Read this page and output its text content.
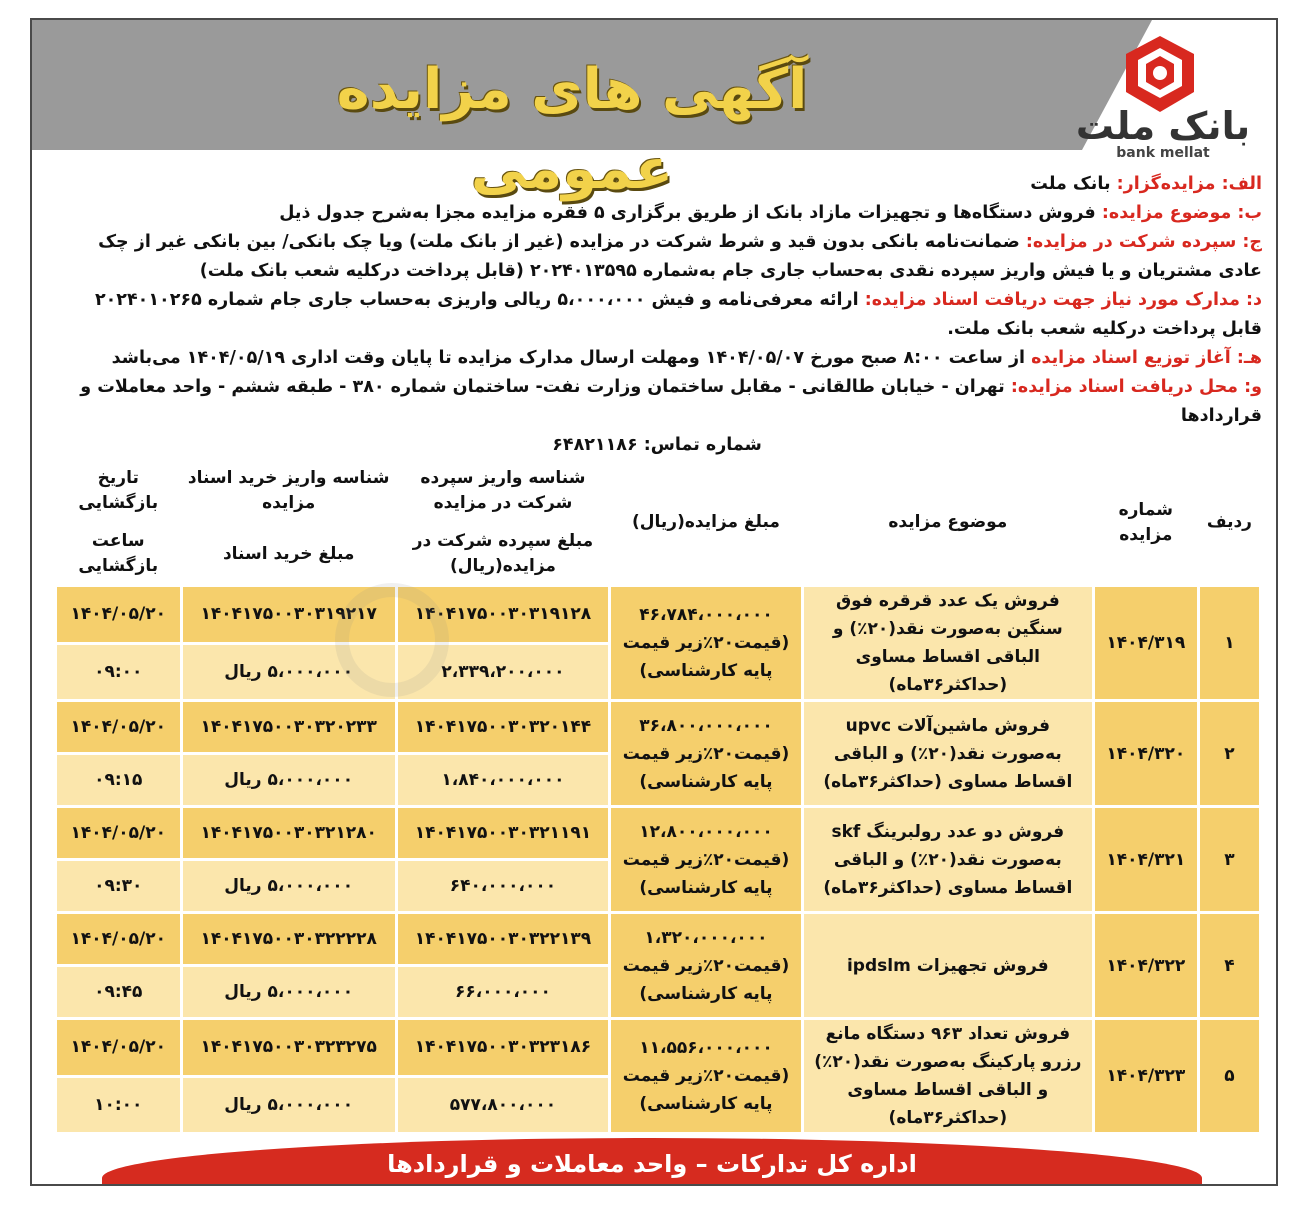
آگهی های مزایده عمومی
بانک ملت
bank mellat

الف: مزایده‌گزار: بانک ملت

ب: موضوع مزایده: فروش دستگاه‌ها و تجهیزات مازاد بانک از طریق برگزاری ۵ فقره مزایده مجزا به‌شرح جدول ذیل

ج: سپرده شرکت در مزایده: ضمانت‌نامه بانکی بدون قید و شرط شرکت در مزایده (غیر از بانک ملت) ویا چک بانکی/ بین بانکی غیر از چک عادی مشتریان و یا فیش واریز سپرده نقدی به‌حساب جاری جام به‌شماره ۲۰۲۴۰۱۳۵۹۵ (قابل پرداخت درکلیه شعب بانک ملت)

د: مدارک مورد نیاز جهت دریافت اسناد مزایده: ارائه معرفی‌نامه و فیش ۵،۰۰۰،۰۰۰ ریالی واریزی به‌حساب جاری جام شماره ۲۰۲۴۰۱۰۲۶۵ قابل پرداخت درکلیه شعب بانک ملت.

هـ: آغاز توزیع اسناد مزایده از ساعت ۸:۰۰ صبح مورخ ۱۴۰۴/۰۵/۰۷ ومهلت ارسال مدارک مزایده تا پایان وقت اداری ۱۴۰۴/۰۵/۱۹ می‌باشد

و: محل دریافت اسناد مزایده: تهران - خیابان طالقانی - مقابل ساختمان وزارت نفت- ساختمان شماره ۳۸۰ - طبقه ششم - واحد معاملات و قراردادها

شماره تماس: ۶۴۸۲۱۱۸۶

ردیف	شماره مزایده	موضوع مزایده	مبلغ مزایده(ریال)	شناسه واریز سپرده شرکت در مزایده	شناسه واریز خرید اسناد مزایده	تاریخ بازگشایی
				مبلغ سپرده شرکت در مزایده(ریال)	مبلغ خرید اسناد	ساعت بازگشایی
۱	۱۴۰۴/۳۱۹	فروش یک عدد قرقره فوق سنگین به‌صورت نقد(۲۰٪) و الباقی اقساط مساوی (حداکثر۳۶ماه)	۴۶،۷۸۴،۰۰۰،۰۰۰
(قیمت۲۰٪زیر قیمت پایه کارشناسی)	۱۴۰۴۱۷۵۰۰۳۰۳۱۹۱۲۸	۱۴۰۴۱۷۵۰۰۳۰۳۱۹۲۱۷	۱۴۰۴/۰۵/۲۰
				۲،۳۳۹،۲۰۰،۰۰۰	۵،۰۰۰،۰۰۰ ریال	۰۹:۰۰
۲	۱۴۰۴/۳۲۰	فروش ماشین‌آلات upvc به‌صورت نقد(۲۰٪) و الباقی اقساط مساوی (حداکثر۳۶ماه)	۳۶،۸۰۰،۰۰۰،۰۰۰
(قیمت۲۰٪زیر قیمت پایه کارشناسی)	۱۴۰۴۱۷۵۰۰۳۰۳۲۰۱۴۴	۱۴۰۴۱۷۵۰۰۳۰۳۲۰۲۳۳	۱۴۰۴/۰۵/۲۰
				۱،۸۴۰،۰۰۰،۰۰۰	۵،۰۰۰،۰۰۰ ریال	۰۹:۱۵
۳	۱۴۰۴/۳۲۱	فروش دو عدد رولبرینگ skf به‌صورت نقد(۲۰٪) و الباقی اقساط مساوی (حداکثر۳۶ماه)	۱۲،۸۰۰،۰۰۰،۰۰۰
(قیمت۲۰٪زیر قیمت پایه کارشناسی)	۱۴۰۴۱۷۵۰۰۳۰۳۲۱۱۹۱	۱۴۰۴۱۷۵۰۰۳۰۳۲۱۲۸۰	۱۴۰۴/۰۵/۲۰
				۶۴۰،۰۰۰،۰۰۰	۵،۰۰۰،۰۰۰ ریال	۰۹:۳۰
۴	۱۴۰۴/۳۲۲	فروش تجهیزات ipdslm	۱،۳۲۰،۰۰۰،۰۰۰
(قیمت۲۰٪زیر قیمت پایه کارشناسی)	۱۴۰۴۱۷۵۰۰۳۰۳۲۲۱۳۹	۱۴۰۴۱۷۵۰۰۳۰۳۲۲۲۲۸	۱۴۰۴/۰۵/۲۰
				۶۶،۰۰۰،۰۰۰	۵،۰۰۰،۰۰۰ ریال	۰۹:۴۵
۵	۱۴۰۴/۳۲۳	فروش تعداد ۹۶۳ دستگاه مانع رزرو پارکینگ به‌صورت نقد(۲۰٪) و الباقی اقساط مساوی (حداکثر۳۶ماه)	۱۱،۵۵۶،۰۰۰،۰۰۰
(قیمت۲۰٪زیر قیمت پایه کارشناسی)	۱۴۰۴۱۷۵۰۰۳۰۳۲۳۱۸۶	۱۴۰۴۱۷۵۰۰۳۰۳۲۳۲۷۵	۱۴۰۴/۰۵/۲۰
				۵۷۷،۸۰۰،۰۰۰	۵،۰۰۰،۰۰۰ ریال	۱۰:۰۰
اداره کل تدارکات – واحد معاملات و قراردادها
